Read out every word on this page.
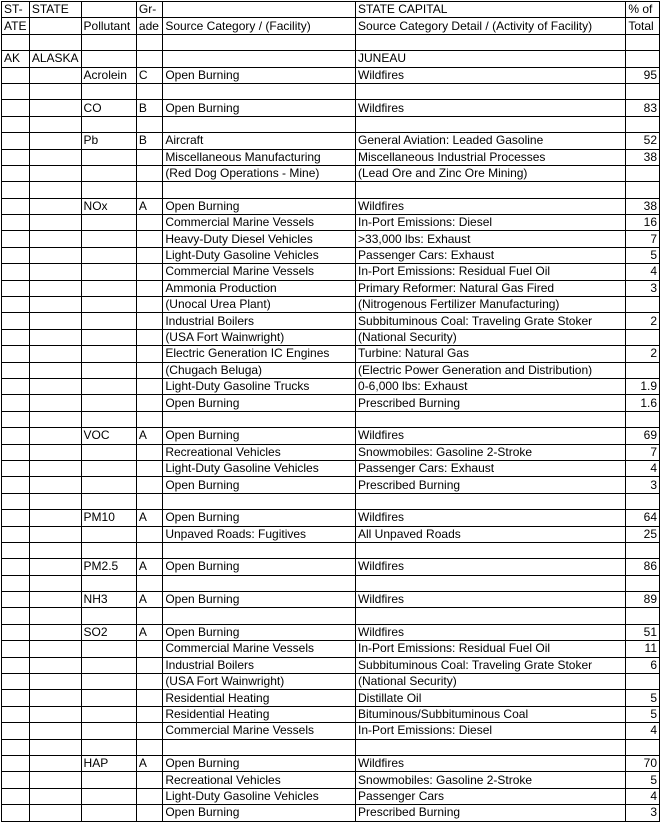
ST-	STATE		Gr-		STATE CAPITAL	% of
ATE		Pollutant	ade	Source Category / (Facility)	Source Category Detail / (Activity of Facility)	Total

AK	ALASKA				JUNEAU	
		Acrolein	C	Open Burning	Wildfires	95

		CO	B	Open Burning	Wildfires	83

		Pb	B	Aircraft	General Aviation: Leaded Gasoline	52
				Miscellaneous Manufacturing	Miscellaneous Industrial Processes	38
				(Red Dog Operations - Mine)	(Lead Ore and Zinc Ore Mining)	

		NOx	A	Open Burning	Wildfires	38
				Commercial Marine Vessels	In-Port Emissions: Diesel	16
				Heavy-Duty Diesel Vehicles	>33,000 lbs: Exhaust	7
				Light-Duty Gasoline Vehicles	Passenger Cars: Exhaust	5
				Commercial Marine Vessels	In-Port Emissions: Residual Fuel Oil	4
				Ammonia Production	Primary Reformer: Natural Gas Fired	3
				(Unocal Urea Plant)	(Nitrogenous Fertilizer Manufacturing)	
				Industrial Boilers	Subbituminous Coal: Traveling Grate Stoker	2
				(USA Fort Wainwright)	(National Security)	
				Electric Generation IC Engines	Turbine: Natural Gas	2
				(Chugach Beluga)	(Electric Power Generation and Distribution)	
				Light-Duty Gasoline Trucks	0-6,000 lbs: Exhaust	1.9
				Open Burning	Prescribed Burning	1.6

		VOC	A	Open Burning	Wildfires	69
				Recreational Vehicles	Snowmobiles: Gasoline 2-Stroke	7
				Light-Duty Gasoline Vehicles	Passenger Cars: Exhaust	4
				Open Burning	Prescribed Burning	3

		PM10	A	Open Burning	Wildfires	64
				Unpaved Roads: Fugitives	All Unpaved Roads	25

		PM2.5	A	Open Burning	Wildfires	86

		NH3	A	Open Burning	Wildfires	89

		SO2	A	Open Burning	Wildfires	51
				Commercial Marine Vessels	In-Port Emissions: Residual Fuel Oil	11
				Industrial Boilers	Subbituminous Coal: Traveling Grate Stoker	6
				(USA Fort Wainwright)	(National Security)	
				Residential Heating	Distillate Oil	5
				Residential Heating	Bituminous/Subbituminous Coal	5
				Commercial Marine Vessels	In-Port Emissions: Diesel	4

		HAP	A	Open Burning	Wildfires	70
				Recreational Vehicles	Snowmobiles: Gasoline 2-Stroke	5
				Light-Duty Gasoline Vehicles	Passenger Cars	4
				Open Burning	Prescribed Burning	3
